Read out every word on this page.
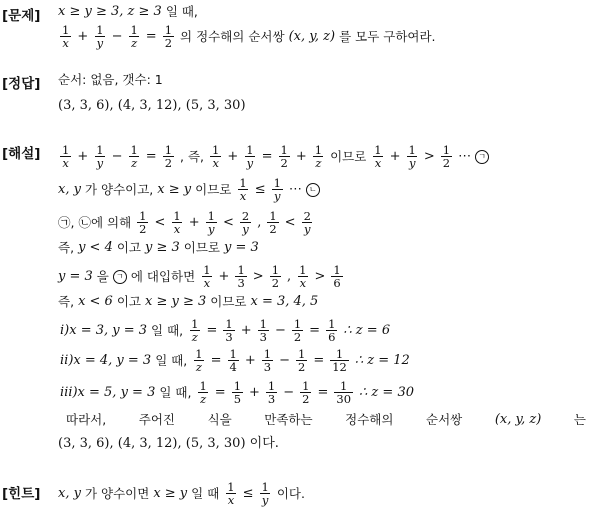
[문제]
[정답]
[해설]
[힌트]
x ≥ y ≥ 3, z ≥ 3 일 때,
$\frac{1}{x} + \frac{1}{y} - \frac{1}{z} = \frac{1}{2}$ 의 정수해의 순서쌍 (x, y, z) 를 모두 구하여라.
순서: 없음, 갯수: 1
(3, 3, 6), (4, 3, 12), (5, 3, 30)
$\frac{1}{x} + \frac{1}{y} - \frac{1}{z} = \frac{1}{2}$ , 즉, $\frac{1}{x} + \frac{1}{y} = \frac{1}{2} + \frac{1}{z}$ 이므로 $\frac{1}{x} + \frac{1}{y} > \frac{1}{2}$ ⋯ ㄱ
x, y 가 양수이고, x ≥ y 이므로 $\frac{1}{x} \le \frac{1}{y}$ ⋯ ㄴ
㉠, ㉡에 의해 $\frac{1}{2} < \frac{1}{x} + \frac{1}{y} < \frac{2}{y}$ , $\frac{1}{2} < \frac{2}{y}$
즉, y < 4 이고 y ≥ 3 이므로 y = 3
y = 3 을 ㄱ 에 대입하면 $\frac{1}{x} + \frac{1}{3} > \frac{1}{2}$ , $\frac{1}{x} > \frac{1}{6}$
즉, x < 6 이고 x ≥ y ≥ 3 이므로 x = 3, 4, 5
ⅰ)x = 3, y = 3 일 때, $\frac{1}{z} = \frac{1}{3} + \frac{1}{3} - \frac{1}{2} = \frac{1}{6}$ ∴ z = 6
ⅱ)x = 4, y = 3 일 때, $\frac{1}{z} = \frac{1}{4} + \frac{1}{3} - \frac{1}{2} = \frac{1}{12}$ ∴ z = 12
ⅲ)x = 5, y = 3 일 때, $\frac{1}{z} = \frac{1}{5} + \frac{1}{3} - \frac{1}{2} = \frac{1}{30}$ ∴ z = 30
따라서,	주어진	식을	만족하는	정수해의	순서쌍	(x, y, z)	는
(3, 3, 6), (4, 3, 12), (5, 3, 30) 이다.
x, y 가 양수이면 x ≥ y 일 때 $\frac{1}{x} \le \frac{1}{y}$ 이다.
